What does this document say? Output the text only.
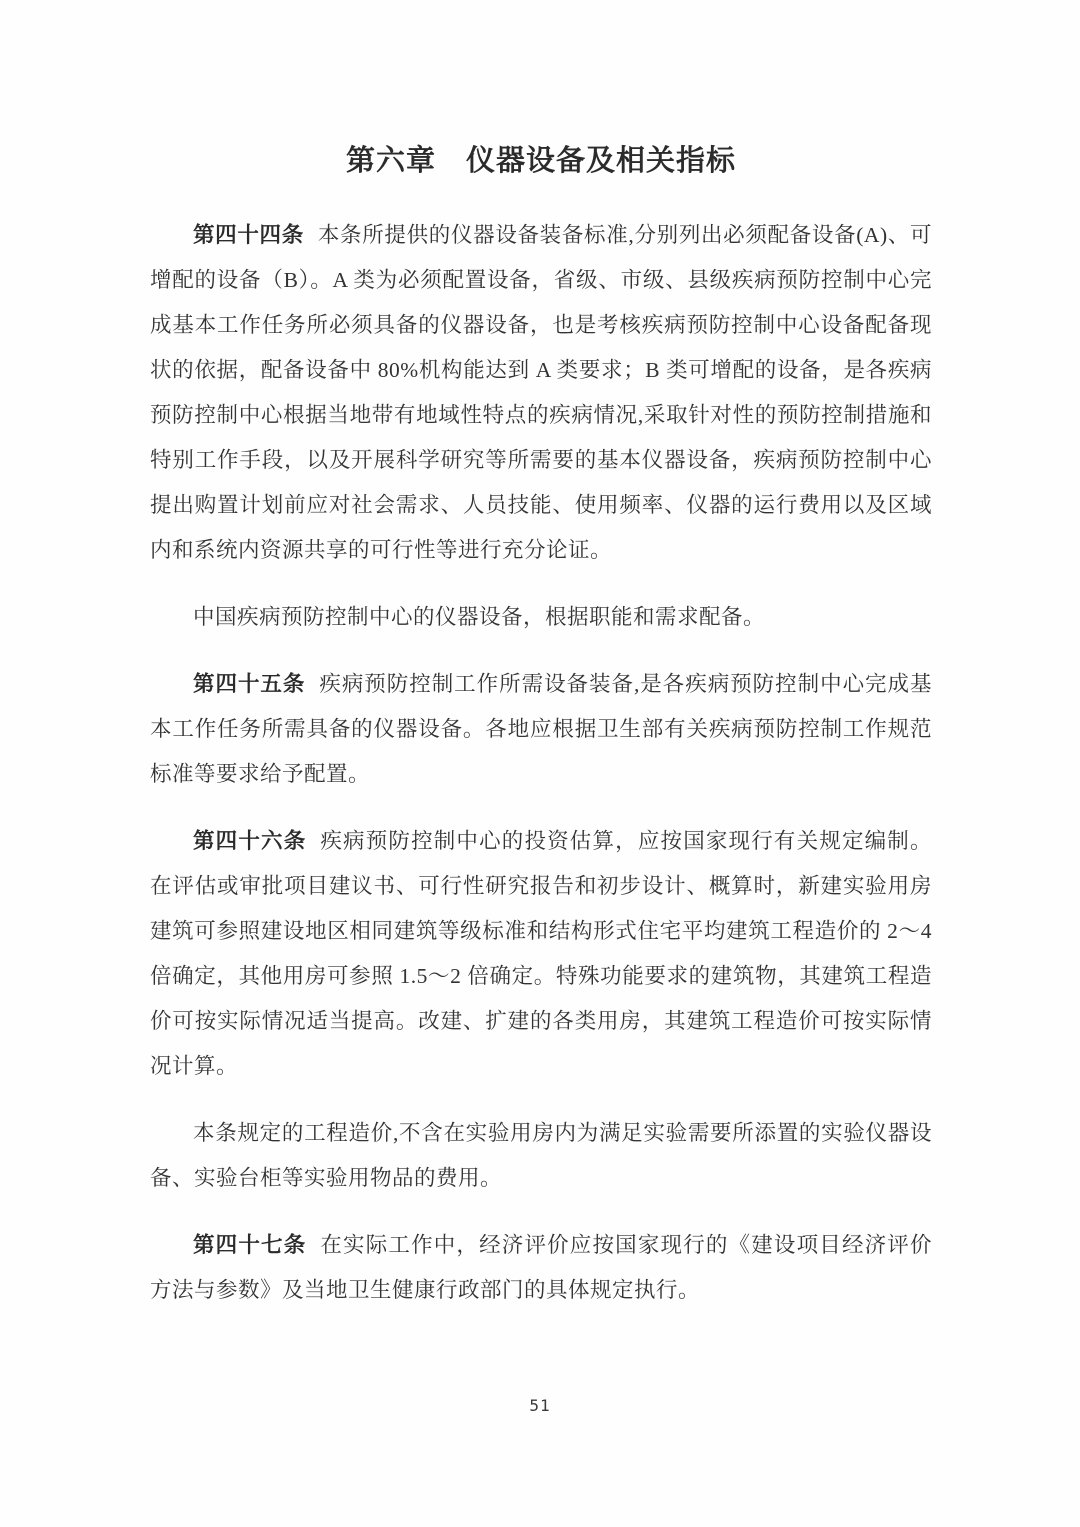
第六章　仪器设备及相关指标

第四十四条 本条所提供的仪器设备装备标准,分别列出必须配备设备(A)、可增配的设备（B）。A 类为必须配置设备，省级、市级、县级疾病预防控制中心完成基本工作任务所必须具备的仪器设备，也是考核疾病预防控制中心设备配备现状的依据，配备设备中 80%机构能达到 A 类要求；B 类可增配的设备，是各疾病预防控制中心根据当地带有地域性特点的疾病情况,采取针对性的预防控制措施和特别工作手段，以及开展科学研究等所需要的基本仪器设备，疾病预防控制中心提出购置计划前应对社会需求、人员技能、使用频率、仪器的运行费用以及区域内和系统内资源共享的可行性等进行充分论证。

中国疾病预防控制中心的仪器设备，根据职能和需求配备。

第四十五条 疾病预防控制工作所需设备装备,是各疾病预防控制中心完成基本工作任务所需具备的仪器设备。各地应根据卫生部有关疾病预防控制工作规范标准等要求给予配置。

第四十六条 疾病预防控制中心的投资估算，应按国家现行有关规定编制。在评估或审批项目建议书、可行性研究报告和初步设计、概算时，新建实验用房建筑可参照建设地区相同建筑等级标准和结构形式住宅平均建筑工程造价的 2～4 倍确定，其他用房可参照 1.5～2 倍确定。特殊功能要求的建筑物，其建筑工程造价可按实际情况适当提高。改建、扩建的各类用房，其建筑工程造价可按实际情况计算。

本条规定的工程造价,不含在实验用房内为满足实验需要所添置的实验仪器设备、实验台柜等实验用物品的费用。

第四十七条 在实际工作中，经济评价应按国家现行的《建设项目经济评价方法与参数》及当地卫生健康行政部门的具体规定执行。

51
